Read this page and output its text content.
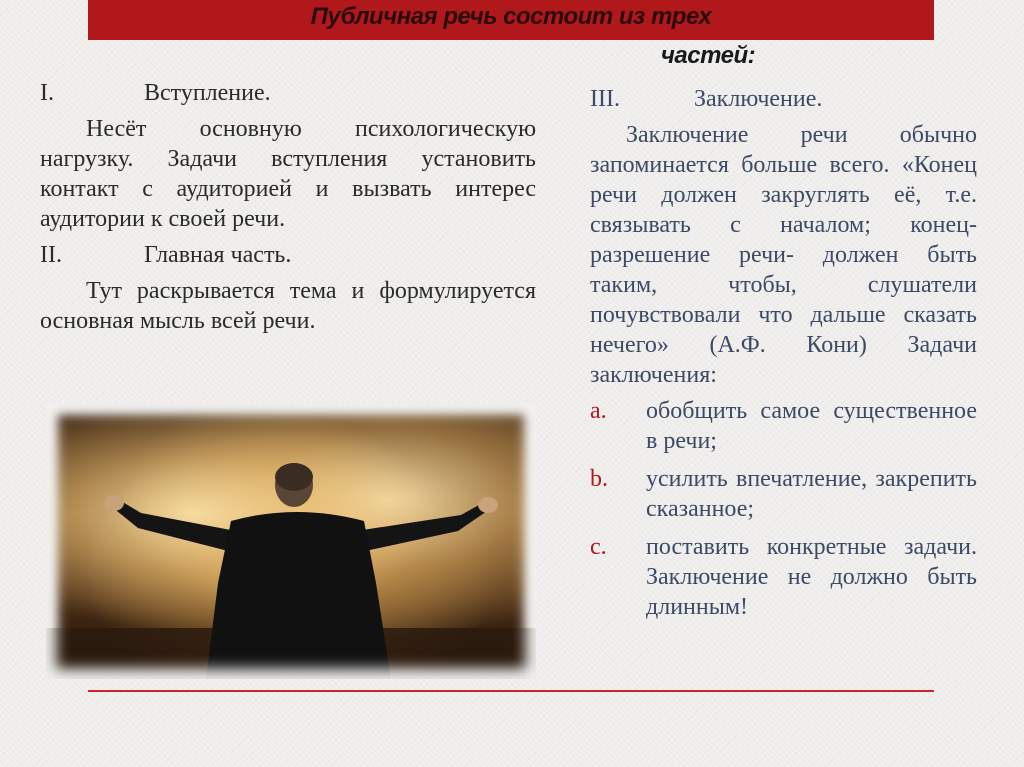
Публичная речь состоит из трех

частей:

I.	Вступление.

Несёт основную психологическую нагрузку. Задачи вступления установить контакт с аудиторией и вызвать интерес аудитории к своей речи.

II.	Главная часть.

Тут раскрывается тема и формулируется основная мысль всей речи.

III.	Заключение.

Заключение речи обычно запоминается больше всего. «Конец речи должен закруглять её, т.е. связывать с началом; конец-разрешение речи- должен быть таким, чтобы, слушатели почувствовали что дальше сказать нечего» (А.Ф. Кони) Задачи заключения:

a.	обобщить самое существенное в речи;
b.	усилить впечатление, закрепить сказанное;
c.	поставить конкретные задачи. Заключение не должно быть длинным!
